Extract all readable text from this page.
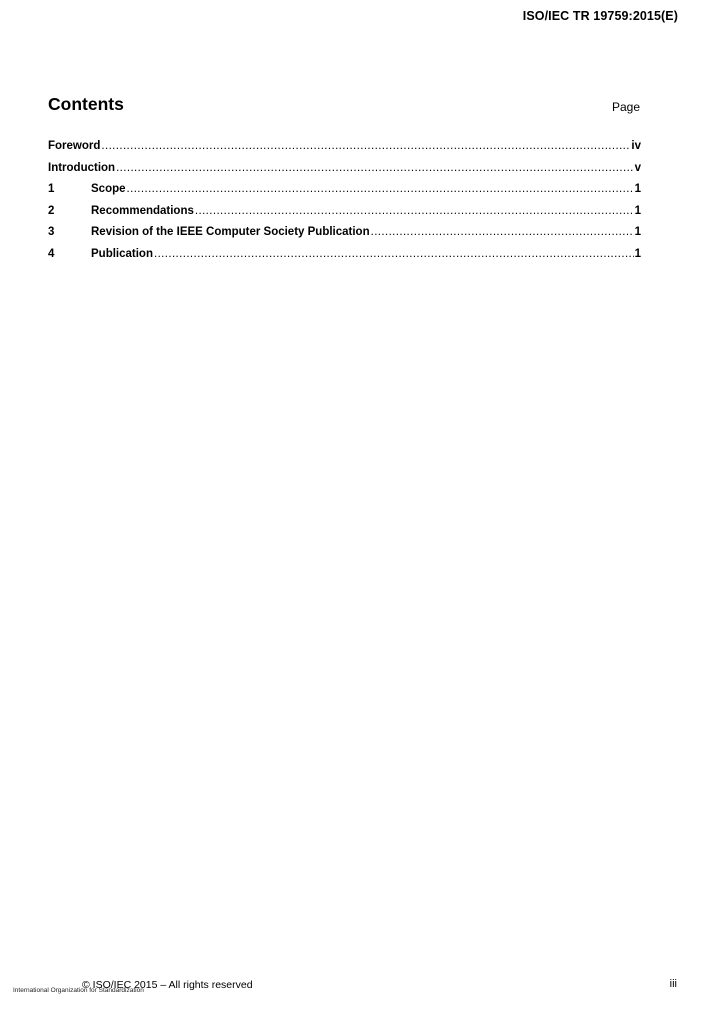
ISO/IEC TR 19759:2015(E)
Contents	Page
Foreword .....	iv
Introduction .....	v
1	Scope .....	1
2	Recommendations .....	1
3	Revision of the IEEE Computer Society Publication .....	1
4	Publication .....	1
© ISO/IEC 2015 – All rights reserved
International Organization for Standardization
iii
